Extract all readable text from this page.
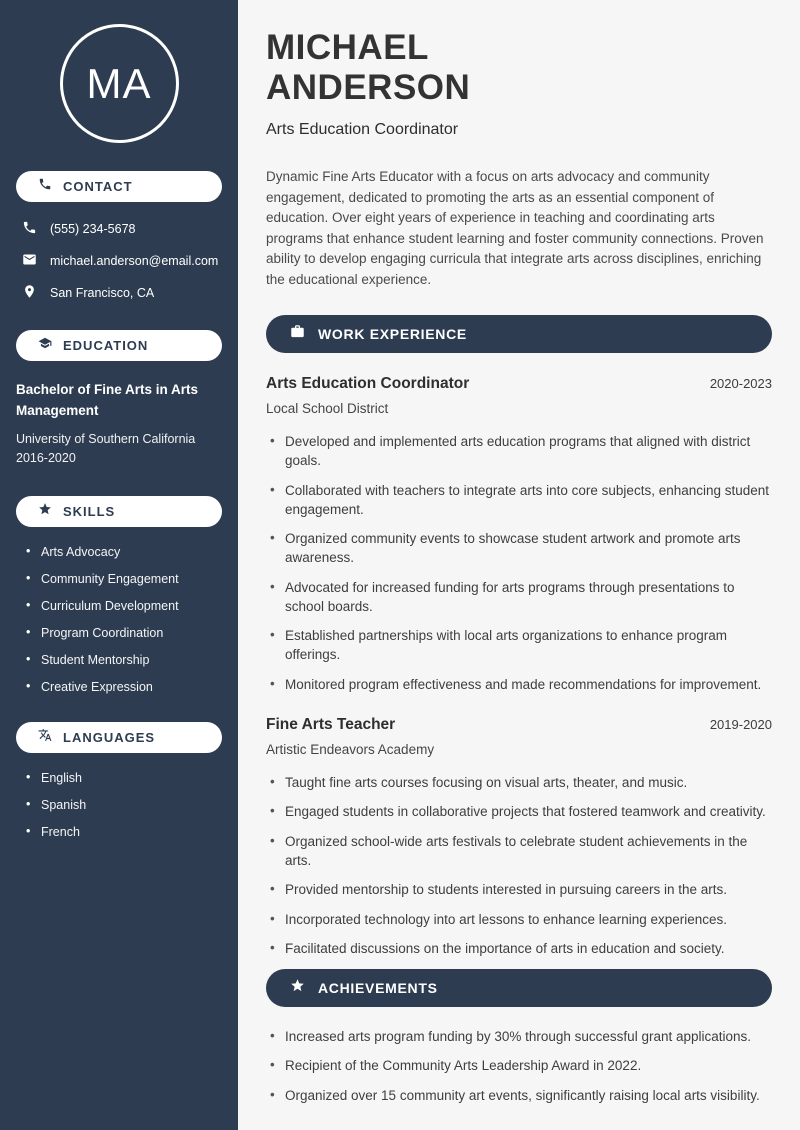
MA
CONTACT
(555) 234-5678
michael.anderson@email.com
San Francisco, CA
EDUCATION
Bachelor of Fine Arts in Arts Management
University of Southern California
2016-2020
SKILLS
• Arts Advocacy
• Community Engagement
• Curriculum Development
• Program Coordination
• Student Mentorship
• Creative Expression
LANGUAGES
• English
• Spanish
• French
MICHAEL
ANDERSON
Arts Education Coordinator

Dynamic Fine Arts Educator with a focus on arts advocacy and community engagement, dedicated to promoting the arts as an essential component of education. Over eight years of experience in teaching and coordinating arts programs that enhance student learning and foster community connections. Proven ability to develop engaging curricula that integrate arts across disciplines, enriching the educational experience.

WORK EXPERIENCE
Arts Education Coordinator	2020-2023
Local School District
• Developed and implemented arts education programs that aligned with district goals.
• Collaborated with teachers to integrate arts into core subjects, enhancing student engagement.
• Organized community events to showcase student artwork and promote arts awareness.
• Advocated for increased funding for arts programs through presentations to school boards.
• Established partnerships with local arts organizations to enhance program offerings.
• Monitored program effectiveness and made recommendations for improvement.
Fine Arts Teacher	2019-2020
Artistic Endeavors Academy
• Taught fine arts courses focusing on visual arts, theater, and music.
• Engaged students in collaborative projects that fostered teamwork and creativity.
• Organized school-wide arts festivals to celebrate student achievements in the arts.
• Provided mentorship to students interested in pursuing careers in the arts.
• Incorporated technology into art lessons to enhance learning experiences.
• Facilitated discussions on the importance of arts in education and society.
ACHIEVEMENTS
• Increased arts program funding by 30% through successful grant applications.
• Recipient of the Community Arts Leadership Award in 2022.
• Organized over 15 community art events, significantly raising local arts visibility.
